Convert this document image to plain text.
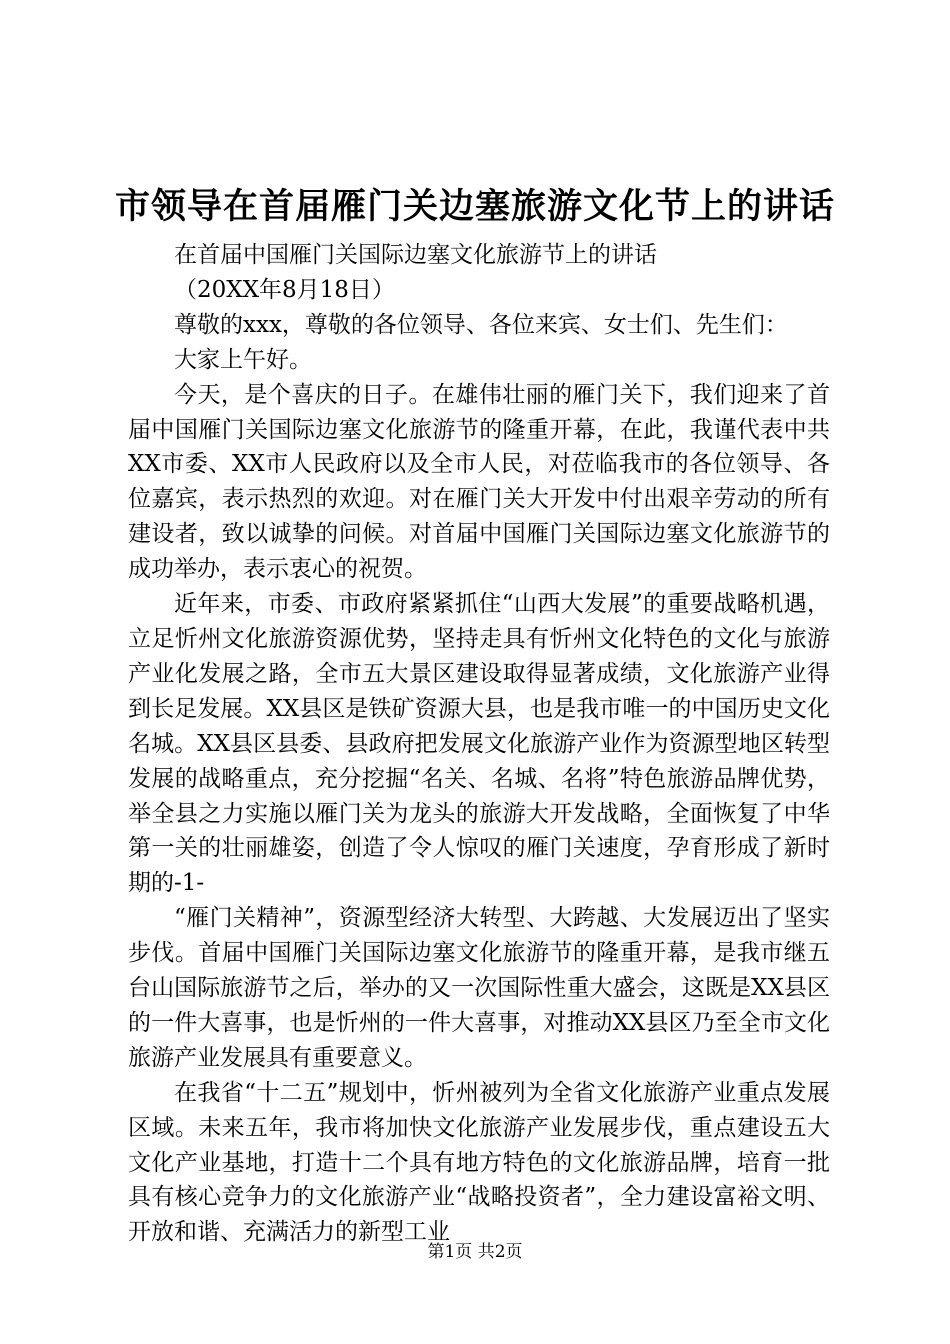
市领导在首届雁门关边塞旅游文化节上的讲话

在首届中国雁门关国际边塞文化旅游节上的讲话

（20XX年8月18日）

尊敬的xxx，尊敬的各位领导、各位来宾、女士们、先生们：

大家上午好。

今天，是个喜庆的日子。在雄伟壮丽的雁门关下，我们迎来了首届中国雁门关国际边塞文化旅游节的隆重开幕，在此，我谨代表中共XX市委、XX市人民政府以及全市人民，对莅临我市的各位领导、各位嘉宾，表示热烈的欢迎。对在雁门关大开发中付出艰辛劳动的所有建设者，致以诚挚的问候。对首届中国雁门关国际边塞文化旅游节的成功举办，表示衷心的祝贺。

近年来，市委、市政府紧紧抓住“山西大发展”的重要战略机遇，立足忻州文化旅游资源优势，坚持走具有忻州文化特色的文化与旅游产业化发展之路，全市五大景区建设取得显著成绩，文化旅游产业得到长足发展。XX县区是铁矿资源大县，也是我市唯一的中国历史文化名城。XX县区县委、县政府把发展文化旅游产业作为资源型地区转型发展的战略重点，充分挖掘“名关、名城、名将”特色旅游品牌优势，举全县之力实施以雁门关为龙头的旅游大开发战略，全面恢复了中华第一关的壮丽雄姿，创造了令人惊叹的雁门关速度，孕育形成了新时期的-1-

“雁门关精神”，资源型经济大转型、大跨越、大发展迈出了坚实步伐。首届中国雁门关国际边塞文化旅游节的隆重开幕，是我市继五台山国际旅游节之后，举办的又一次国际性重大盛会，这既是XX县区的一件大喜事，也是忻州的一件大喜事，对推动XX县区乃至全市文化旅游产业发展具有重要意义。

在我省“十二五”规划中，忻州被列为全省文化旅游产业重点发展区域。未来五年，我市将加快文化旅游产业发展步伐，重点建设五大文化产业基地，打造十二个具有地方特色的文化旅游品牌，培育一批具有核心竞争力的文化旅游产业“战略投资者”，全力建设富裕文明、开放和谐、充满活力的新型工业

第1页 共2页
